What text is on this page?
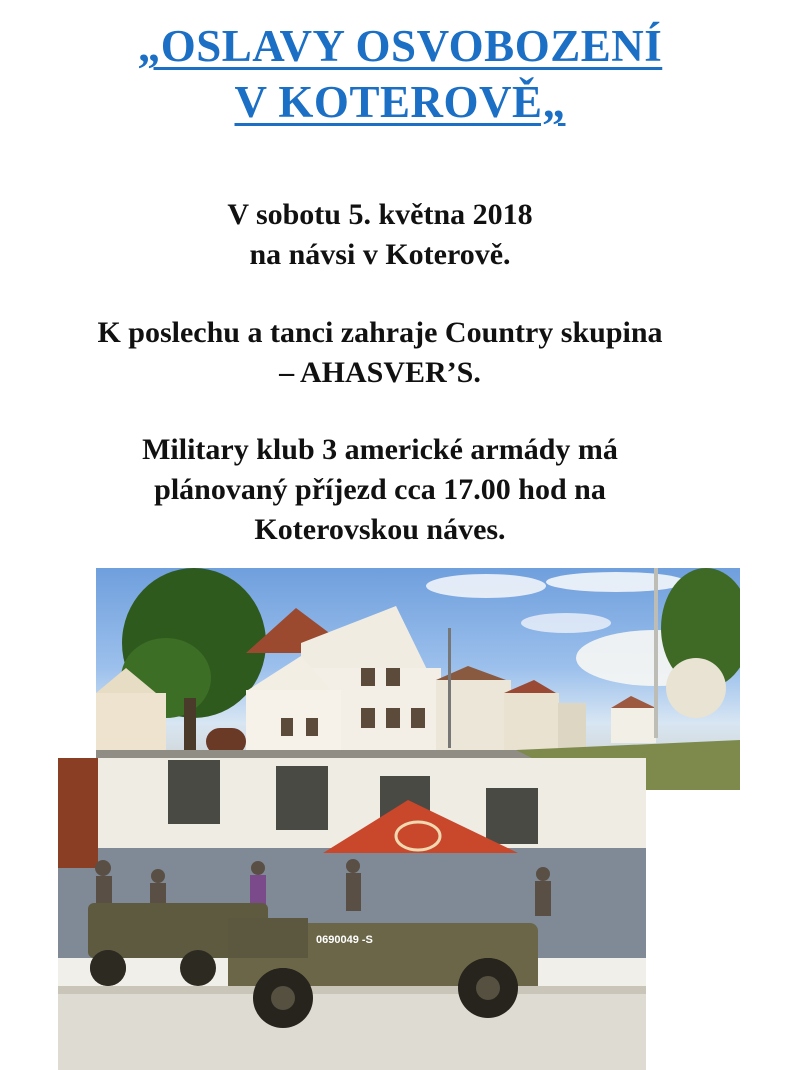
„OSLAVY OSVOBOZENÍ
V KOTEROVĚ„
V sobotu 5. května 2018
na návsi v Koterově.
K poslechu a tanci zahraje Country skupina
– AHASVER’S.
Military klub 3 americké armády má
plánovaný příjezd cca 17.00 hod na
Koterovskou náves.
0690049 -S
